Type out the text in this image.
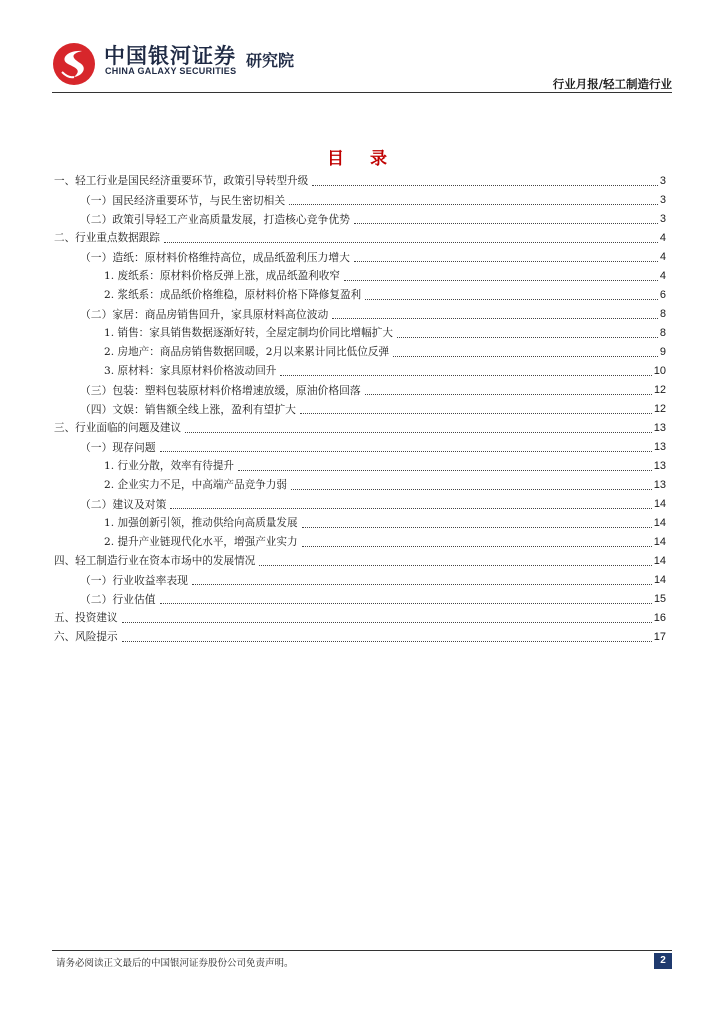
中国银河证券
CHINA GALAXY SECURITIES
研究院
行业月报/轻工制造行业
目 录
一、轻工行业是国民经济重要环节，政策引导转型升级	3
（一）国民经济重要环节，与民生密切相关	3
（二）政策引导轻工产业高质量发展，打造核心竞争优势	3
二、行业重点数据跟踪	4
（一）造纸：原材料价格维持高位，成品纸盈利压力增大	4
1. 废纸系：原材料价格反弹上涨，成品纸盈利收窄	4
2. 浆纸系：成品纸价格维稳，原材料价格下降修复盈利	6
（二）家居：商品房销售回升，家具原材料高位波动	8
1. 销售：家具销售数据逐渐好转，全屋定制均价同比增幅扩大	8
2. 房地产：商品房销售数据回暖，2月以来累计同比低位反弹	9
3. 原材料：家具原材料价格波动回升	10
（三）包装：塑料包装原材料价格增速放缓，原油价格回落	12
（四）文娱：销售额全线上涨，盈利有望扩大	12
三、行业面临的问题及建议	13
（一）现存问题	13
1. 行业分散，效率有待提升	13
2. 企业实力不足，中高端产品竞争力弱	13
（二）建议及对策	14
1. 加强创新引领，推动供给向高质量发展	14
2. 提升产业链现代化水平，增强产业实力	14
四、轻工制造行业在资本市场中的发展情况	14
（一）行业收益率表现	14
（二）行业估值	15
五、投资建议	16
六、风险提示	17
请务必阅读正文最后的中国银河证券股份公司免责声明。	2
